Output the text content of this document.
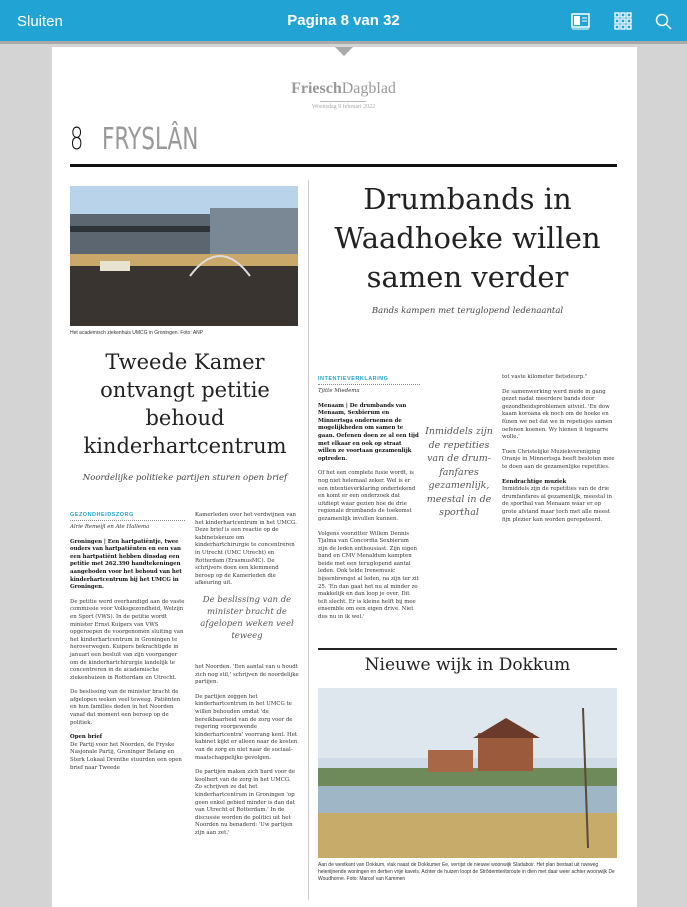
Sluiten	Pagina 8 van 32
FrieschDagblad
Woensdag 9 februari 2022
8 FRYSLÂN
Het academisch ziekenhuis UMCG in Groningen. Foto: ANP
Tweede Kamer ontvangt petitie behoud kinderhartcentrum
Noordelijke politieke partijen sturen open brief
GEZONDHEIDSZORG

Alrie Remeijl en Ate Hallema

Groningen | Een hartpatiëntje, twee ouders van hartpatiënten en een van een hartpatiënt hebben dinsdag een petitie met 262.390 handtekeningen aangeboden voor het behoud van het kinderhartcentrum bij het UMCG in Groningen.

De petitie werd overhandigd aan de vaste commissie voor Volksgezondheid, Welzijn en Sport (VWS). In de petitie wordt minister Ernst Kuipers van VWS opgeroepen de voorgenomen sluiting van het kinderhartcentrum in Groningen te heroverwegen. Kuipers bekrachtigde in januari een besluit van zijn voorganger om de kinderhartchirurgie landelijk te concentreren in de academische ziekenhuizen in Rotterdam en Utrecht.

De beslissing van de minister bracht de afgelopen weken veel teweeg. Patiënten en hun families deden in het Noorden vanaf dat moment een beroep op de politiek.

Open brief
De Partij voor het Noorden, de Fryske Nasjonale Partij, Groninger Belang en Sterk Lokaal Drenthe stuurden een open brief naar Tweede

Kamerleden over het verdwijnen van het kinderhartcentrum in het UMCG. Deze brief is een reactie op de kabinetskeuze om kinderhartchirurgie te concentreren in Utrecht (UMC Utrecht) en Rotterdam (ErasmusMC). De schrijvers doen een klemmend beroep op de Kamerleden die afkeuring uit.

De beslissing van de minister bracht de afgelopen weken veel teweeg

het Noorden. 'Een aantal van u houdt zich nog stil,' schrijven de noordelijke partijen.

De partijen zeggen het kinderhartcentrum in het UMCG te willen behouden omdat 'de bereikbaarheid van de zorg voor de regering voorgewende kinderhartcentra' voorrang kent. Het kabinet kijkt er alleen naar de kosten van de zorg en niet naar de sociaal-maatschappelijke gevolgen.

De partijen maken zich hard voor de koolhert van de zorg in het UMCG. Zo schrijven ze dat het kinderhartcentrum in Groningen 'op geen enkel gebied minder is dan dat van Utrecht of Rotterdam.' In de discussie worden de politici uit het Noorden nu benaderd: 'Uw partijen zijn aan zet.'

Drumbands in Waadhoeke willen samen verder
Bands kampen met teruglopend ledenaantal
INTENTIEVERKLARING

Tjitte Miedema

Menaam | De drumbands van Menaam, Sexbierum en Minnertsga ondernemen de mogelijkheden om samen te gaan. Oefenen doen ze al een tijd met elkaar en ook op straat willen ze voortaan gezamenlijk optreden.

Of het een complete fusie wordt, is nog niet helemaal zeker. Wel is er een intentieverklaring ondertekend en komt er een onderzoek dat uitdiept waar gezien hoe de drie regionale drumbands de toekomst gezamenlijk invullen kunnen.

Volgens voorzitter Willem Dennis Tjalma van Concordia Sexbierum zijn de leden enthousiast. Zijn eigen band en CMV Menaldum kampten beide met een teruglopend aantal leden. Ook telde Irenemusic bijeenbrengst al leden, na zijn ter zit 25. 'En dan gaat het nu al minder zo makkelijk en dan loop je over. Dit telt slecht. Er is kleine helft bij mee ensemble om een eigen drive. Niet dus nu in ik wel.'

Inmiddels zijn de repetities van de drum-fanfares gezamenlijk, meestal in de sporthal

tot vaste kilometer fietsdeurp."

De samenwerking werd mede in gang gezet nadat meerdere bands door gezondheidsproblemen uitviel. 'En dow kaam koroana ek noch om de hoeke en fûnen we net dat we in repetisjes samen oefenen koenen. Wy hienen it tegearre wolle.'

Tuen Christelijke Muziekvereniging Oranje in Minnertsga heeft besloten mee te doen aan de gezamenlijke repetities.

Eendrachtige muziek
Inmiddels zijn de repetities van de drie drumfanfares al gezamenlijk, meestal in de sporthal van Menaam waar er op grote afstand maar toch met alle meest fijn plezier kan worden gerepeteerd.

Nieuwe wijk in Dokkum
Aan de westkant van Dokkum, vlak naast de Dokkumer Ee, verrijst de nieuwe woonwijk Sladaboir. Het plan bestaat uit ruwweg heleriijnende woningen en dertien vrije kavels. Achter de huizen loopt de Strôdemteritsroute in dien met daar weer achter woonwijk De Woudhorne. Foto: Marcel van Kammen
